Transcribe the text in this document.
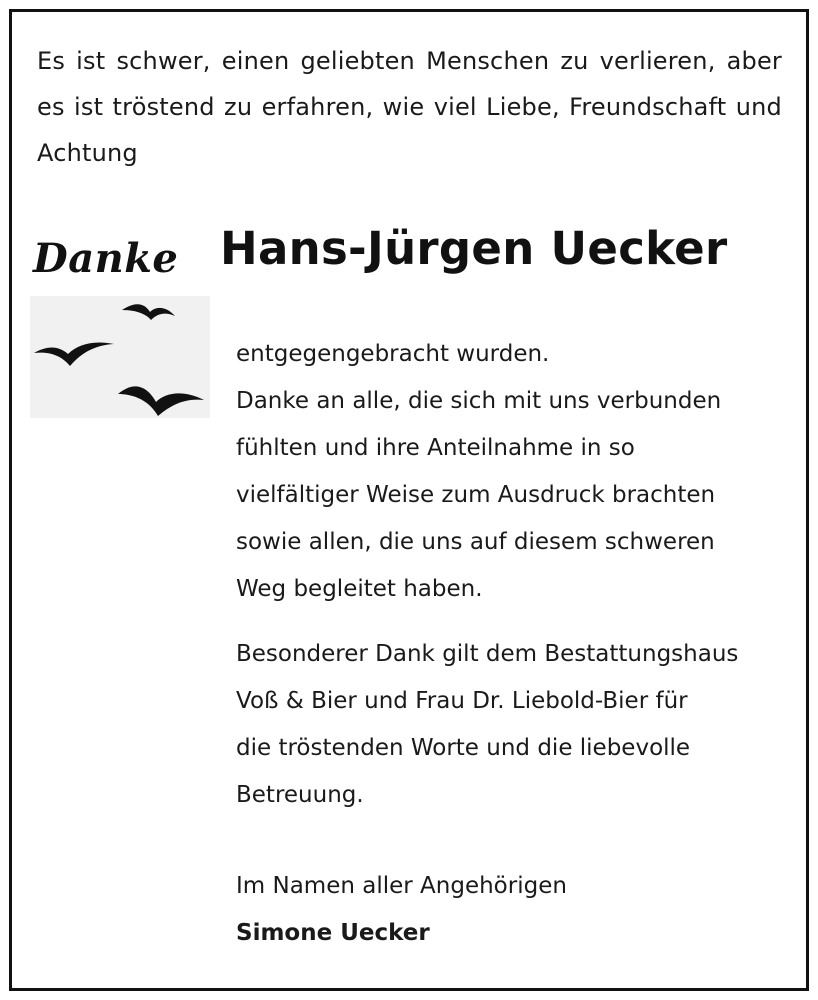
Es ist schwer, einen geliebten Menschen zu verlieren, aber es ist tröstend zu erfahren, wie viel Liebe, Freundschaft und Achtung
Danke Hans-Jürgen Uecker
entgegengebracht wurden.
Danke an alle, die sich mit uns verbunden
fühlten und ihre Anteilnahme in so
vielfältiger Weise zum Ausdruck brachten
sowie allen, die uns auf diesem schweren
Weg begleitet haben.
Besonderer Dank gilt dem Bestattungshaus
Voß & Bier und Frau Dr. Liebold-Bier für
die tröstenden Worte und die liebevolle
Betreuung.
Im Namen aller Angehörigen
Simone Uecker
